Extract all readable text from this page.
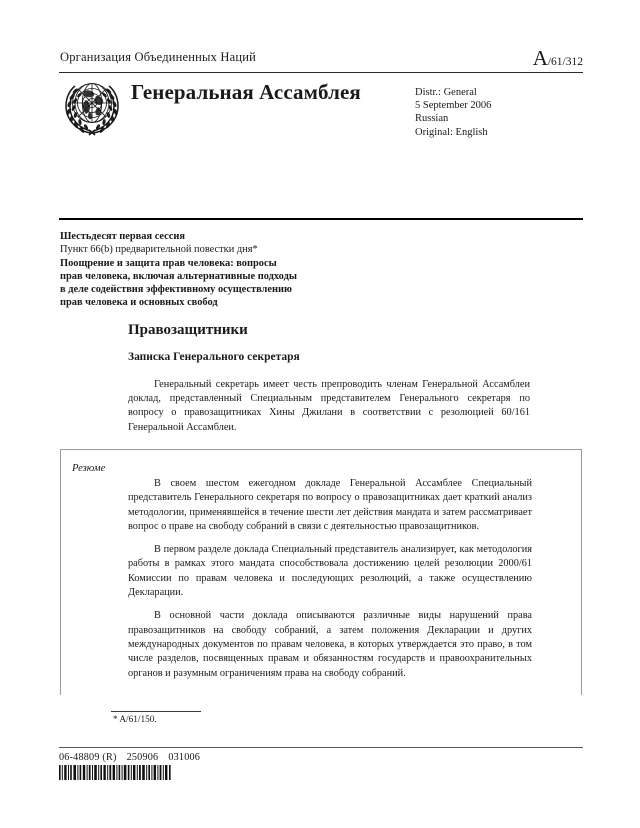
Организация Объединенных Наций	A/61/312
Генеральная Ассамблея	Distr.: General
5 September 2006
Russian
Original: English
Шестьдесят первая сессия
Пункт 66(b) предварительной повестки дня*
Поощрение и защита прав человека: вопросы
прав человека, включая альтернативные подходы
в деле содействия эффективному осуществлению
прав человека и основных свобод
Правозащитники
Записка Генерального секретаря
Генеральный секретарь имеет честь препроводить членам Генеральной Ассамблеи доклад, представленный Специальным представителем Генерального секретаря по вопросу о правозащитниках Хины Джилани в соответствии с резолюцией 60/161 Генеральной Ассамблеи.
Резюме

В своем шестом ежегодном докладе Генеральной Ассамблее Специальный представитель Генерального секретаря по вопросу о правозащитниках дает краткий анализ методологии, применявшейся в течение шести лет действия мандата и затем рассматривает вопрос о праве на свободу собраний в связи с деятельностью правозащитников.

В первом разделе доклада Специальный представитель анализирует, как методология работы в рамках этого мандата способствовала достижению целей резолюции 2000/61 Комиссии по правам человека и последующих резолюций, а также осуществлению Декларации.

В основной части доклада описываются различные виды нарушений права правозащитников на свободу собраний, а затем положения Декларации и других международных документов по правам человека, в которых утверждается это право, в том числе разделов, посвященных правам и обязанностям государств и правоохранительных органов и разумным ограничениям права на свободу собраний.

* A/61/150.
06-48809 (R) 250906 031006
